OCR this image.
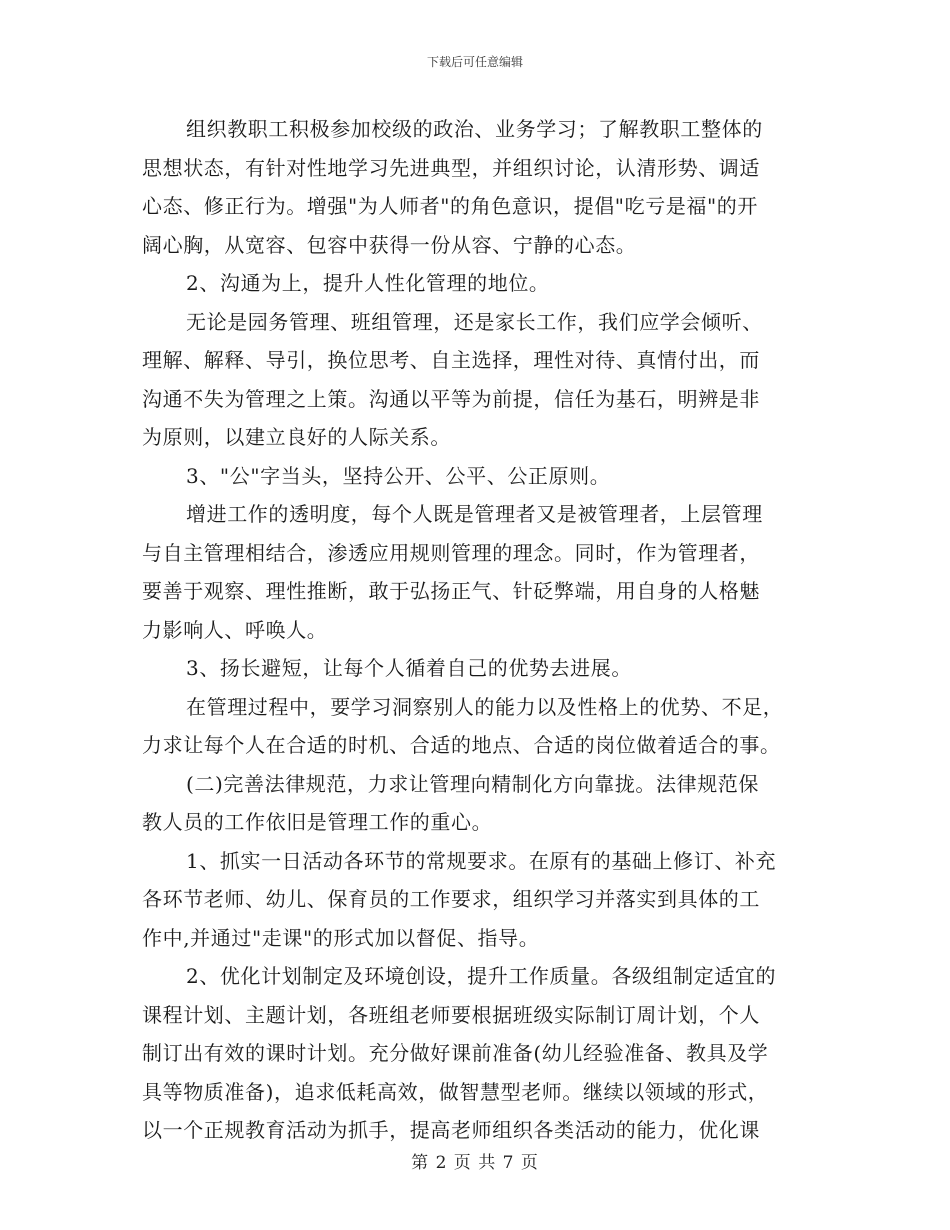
下载后可任意编辑
组织教职工积极参加校级的政治、业务学习；了解教职工整体的
思想状态，有针对性地学习先进典型，并组织讨论，认清形势、调适
心态、修正行为。增强"为人师者"的角色意识，提倡"吃亏是福"的开
阔心胸，从宽容、包容中获得一份从容、宁静的心态。
2、沟通为上，提升人性化管理的地位。
无论是园务管理、班组管理，还是家长工作，我们应学会倾听、
理解、解释、导引，换位思考、自主选择，理性对待、真情付出，而
沟通不失为管理之上策。沟通以平等为前提，信任为基石，明辨是非
为原则，以建立良好的人际关系。
3、"公"字当头，坚持公开、公平、公正原则。
增进工作的透明度，每个人既是管理者又是被管理者，上层管理
与自主管理相结合，渗透应用规则管理的理念。同时，作为管理者，
要善于观察、理性推断，敢于弘扬正气、针砭弊端，用自身的人格魅
力影响人、呼唤人。
3、扬长避短，让每个人循着自己的优势去进展。
在管理过程中，要学习洞察别人的能力以及性格上的优势、不足，
力求让每个人在合适的时机、合适的地点、合适的岗位做着适合的事。
(二)完善法律规范，力求让管理向精制化方向靠拢。法律规范保
教人员的工作依旧是管理工作的重心。
1、抓实一日活动各环节的常规要求。在原有的基础上修订、补充
各环节老师、幼儿、保育员的工作要求，组织学习并落实到具体的工
作中,并通过"走课"的形式加以督促、指导。
2、优化计划制定及环境创设，提升工作质量。各级组制定适宜的
课程计划、主题计划，各班组老师要根据班级实际制订周计划，个人
制订出有效的课时计划。充分做好课前准备(幼儿经验准备、教具及学
具等物质准备)，追求低耗高效，做智慧型老师。继续以领域的形式，
以一个正规教育活动为抓手，提高老师组织各类活动的能力，优化课
第 2 页 共 7 页
